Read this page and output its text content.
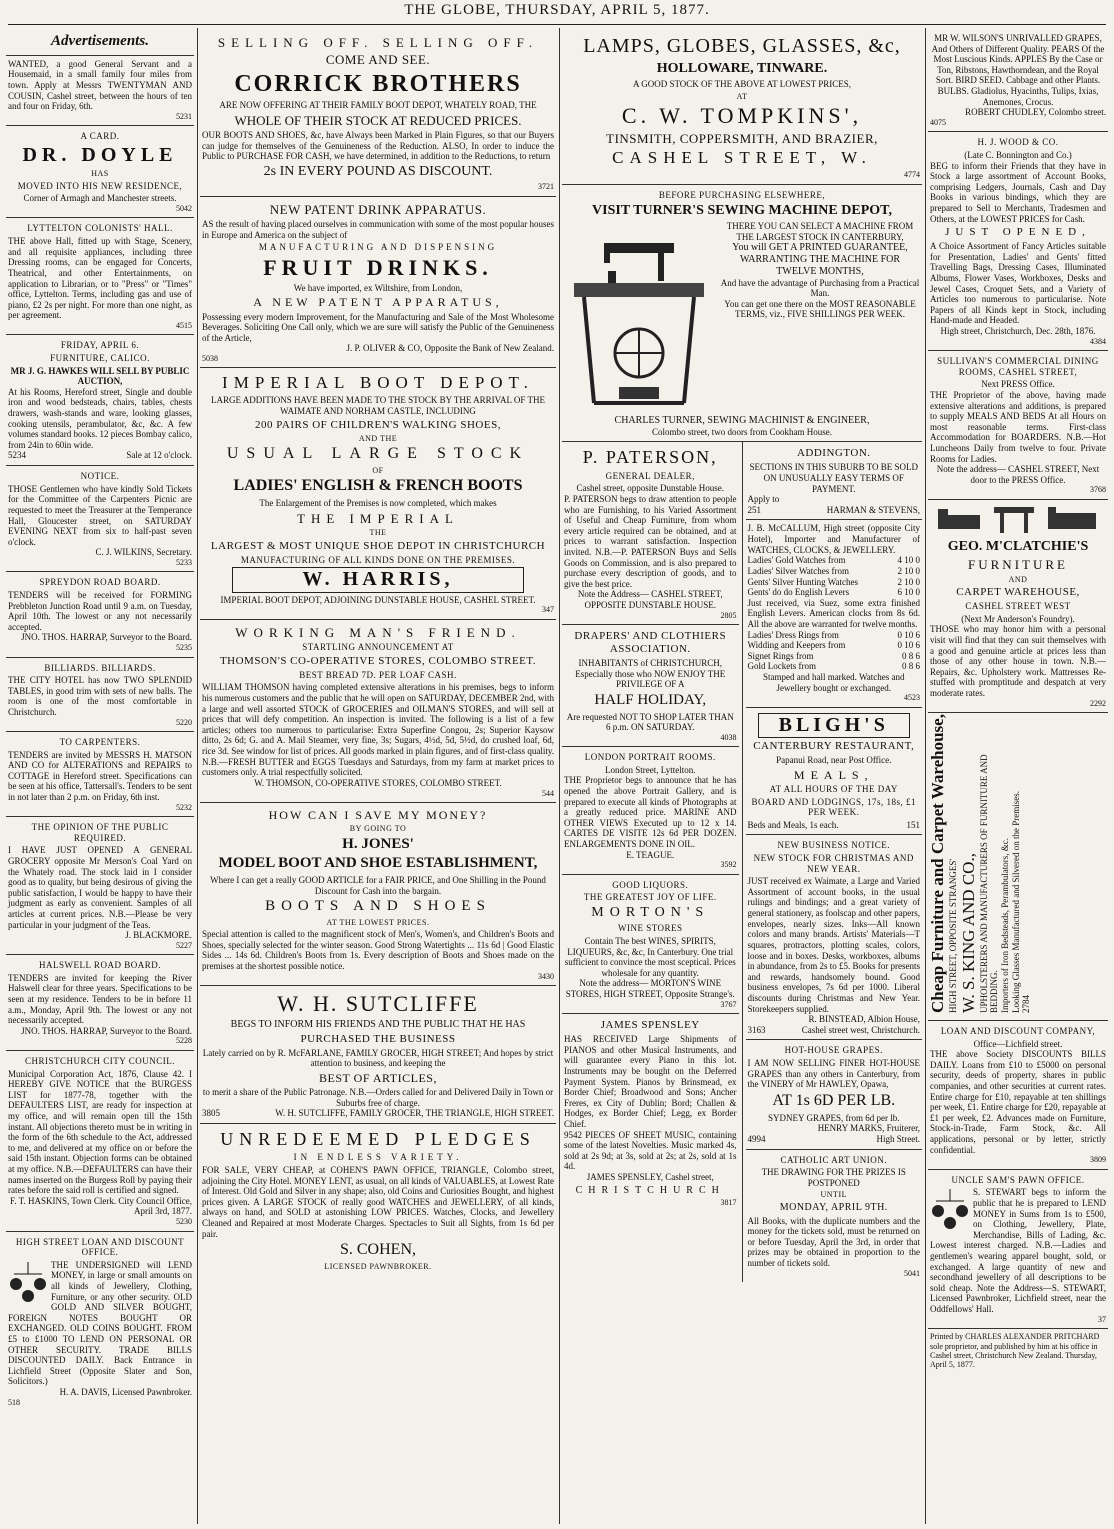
THE GLOBE, THURSDAY, APRIL 5, 1877.
Advertisements.
WANTED, a good General Servant and a Housemaid, in a small family four miles from town. Apply at Messrs TWENTYMAN AND COUSIN, Cashel street, between the hours of ten and four on Friday, 6th.
5231
A CARD.
DR. DOYLE
HAS
MOVED INTO HIS NEW RESIDENCE,
Corner of Armagh and Manchester streets.
5042
LYTTELTON COLONISTS' HALL.
THE above Hall, fitted up with Stage, Scenery, and all requisite appliances, including three Dressing rooms, can be engaged for Concerts, Theatrical, and other Entertainments, on application to Librarian, or to "Press" or "Times" office, Lyttelton. Terms, including gas and use of piano, £2 2s per night. For more than one night, as per agreement.
4515
FRIDAY, APRIL 6.
FURNITURE, CALICO.
MR J. G. HAWKES WILL SELL BY PUBLIC AUCTION,
At his Rooms, Hereford street, Single and double iron and wood bedsteads, chairs, tables, chests drawers, wash-stands and ware, looking glasses, cooking utensils, perambulator, &c, &c. A few volumes standard books. 12 pieces Bombay calico, from 24in to 60in wide.
5234	Sale at 12 o'clock.
NOTICE.
THOSE Gentlemen who have kindly Sold Tickets for the Committee of the Carpenters Picnic are requested to meet the Treasurer at the Temperance Hall, Gloucester street, on SATURDAY EVENING NEXT from six to half-past seven o'clock.
C. J. WILKINS, Secretary.
5233
SPREYDON ROAD BOARD.
TENDERS will be received for FORMING Prebbleton Junction Road until 9 a.m. on Tuesday, April 10th. The lowest or any not necessarily accepted.
JNO. THOS. HARRAP, Surveyor to the Board.
5235
BILLIARDS. BILLIARDS.
THE CITY HOTEL has now TWO SPLENDID TABLES, in good trim with sets of new balls. The room is one of the most comfortable in Christchurch.
5220
TO CARPENTERS.
TENDERS are invited by MESSRS H. MATSON AND CO for ALTERATIONS and REPAIRS to COTTAGE in Hereford street. Specifications can be seen at his office, Tattersall's. Tenders to be sent in not later than 2 p.m. on Friday, 6th inst.
5232
THE OPINION OF THE PUBLIC REQUIRED.
I HAVE JUST OPENED A GENERAL GROCERY opposite Mr Merson's Coal Yard on the Whately road. The stock laid in I consider good as to quality, but being desirous of giving the public satisfaction, I would be happy to have their judgment as early as convenient. Samples of all articles at current prices. N.B.—Please be very particular in your judgment of the Teas.
J. BLACKMORE.
5227
HALSWELL ROAD BOARD.
TENDERS are invited for keeping the River Halswell clear for three years. Specifications to be seen at my residence. Tenders to be in before 11 a.m., Monday, April 9th. The lowest or any not necessarily accepted.
JNO. THOS. HARRAP, Surveyor to the Board.
5228
CHRISTCHURCH CITY COUNCIL.
Municipal Corporation Act, 1876, Clause 42. I HEREBY GIVE NOTICE that the BURGESS LIST for 1877-78, together with the DEFAULTERS LIST, are ready for inspection at my office, and will remain open till the 15th instant. All objections thereto must be in writing in the form of the 6th schedule to the Act, addressed to me, and delivered at my office on or before the said 15th instant. Objection forms can be obtained at my office. N.B.—DEFAULTERS can have their names inserted on the Burgess Roll by paying their rates before the said roll is certified and signed.
F. T. HASKINS, Town Clerk. City Council Office, April 3rd, 1877.
5230
HIGH STREET LOAN AND DISCOUNT OFFICE.
THE UNDERSIGNED will LEND MONEY, in large or small amounts on all kinds of Jewellery, Clothing, Furniture, or any other security. OLD GOLD AND SILVER BOUGHT, FOREIGN NOTES BOUGHT OR EXCHANGED. OLD COINS BOUGHT. FROM £5 to £1000 TO LEND ON PERSONAL OR OTHER SECURITY. TRADE BILLS DISCOUNTED DAILY. Back Entrance in Lichfield Street (Opposite Slater and Son, Solicitors.)
H. A. DAVIS, Licensed Pawnbroker.
518
SELLING OFF. SELLING OFF.
COME AND SEE.
CORRICK BROTHERS
ARE NOW OFFERING AT THEIR FAMILY BOOT DEPOT, WHATELY ROAD, THE
WHOLE OF THEIR STOCK AT REDUCED PRICES.
OUR BOOTS AND SHOES, &c, have Always been Marked in Plain Figures, so that our Buyers can judge for themselves of the Genuineness of the Reduction. ALSO, In order to induce the Public to PURCHASE FOR CASH, we have determined, in addition to the Reductions, to return
2s IN EVERY POUND AS DISCOUNT.
3721
NEW PATENT DRINK APPARATUS.
AS the result of having placed ourselves in communication with some of the most popular houses in Europe and America on the subject of
MANUFACTURING AND DISPENSING
FRUIT DRINKS.
We have imported, ex Wiltshire, from London,
A NEW PATENT APPARATUS,
Possessing every modern Improvement, for the Manufacturing and Sale of the Most Wholesome Beverages. Soliciting One Call only, which we are sure will satisfy the Public of the Genuineness of the Article,
J. P. OLIVER & CO, Opposite the Bank of New Zealand.
5038
IMPERIAL BOOT DEPOT.
LARGE ADDITIONS HAVE BEEN MADE TO THE STOCK BY THE ARRIVAL OF THE WAIMATE AND NORHAM CASTLE, INCLUDING
200 PAIRS OF CHILDREN'S WALKING SHOES,
AND THE
USUAL LARGE STOCK
OF
LADIES' ENGLISH & FRENCH BOOTS
The Enlargement of the Premises is now completed, which makes
THE IMPERIAL
THE
LARGEST & MOST UNIQUE SHOE DEPOT IN CHRISTCHURCH
MANUFACTURING OF ALL KINDS DONE ON THE PREMISES.
W. HARRIS,
IMPERIAL BOOT DEPOT, ADJOINING DUNSTABLE HOUSE, CASHEL STREET.
347
WORKING MAN'S FRIEND.
STARTLING ANNOUNCEMENT AT
THOMSON'S CO-OPERATIVE STORES, COLOMBO STREET.
BEST BREAD 7D. PER LOAF CASH.
WILLIAM THOMSON having completed extensive alterations in his premises, begs to inform his numerous customers and the public that he will open on SATURDAY, DECEMBER 2nd, with a large and well assorted STOCK of GROCERIES and OILMAN'S STORES, and will sell at prices that will defy competition. An inspection is invited. The following is a list of a few articles; others too numerous to particularise: Extra Superfine Congou, 2s; Superior Kaysow ditto, 2s 6d; G. and A. Mail Steamer, very fine, 3s; Sugars, 4½d, 5d, 5½d, do crushed loaf, 6d, rice 3d. See window for list of prices. All goods marked in plain figures, and of first-class quality. N.B.—FRESH BUTTER and EGGS Tuesdays and Saturdays, from my farm at market prices to customers only. A trial respectfully solicited.
W. THOMSON, CO-OPERATIVE STORES, COLOMBO STREET.
544
HOW CAN I SAVE MY MONEY?
BY GOING TO
H. JONES'
MODEL BOOT AND SHOE ESTABLISHMENT,
Where I can get a really GOOD ARTICLE for a FAIR PRICE, and One Shilling in the Pound Discount for Cash into the bargain.
BOOTS AND SHOES
AT THE LOWEST PRICES.
Special attention is called to the magnificent stock of Men's, Women's, and Children's Boots and Shoes, specially selected for the winter season. Good Strong Watertights ... 11s 6d | Good Elastic Sides ... 14s 6d. Children's Boots from 1s. Every description of Boots and Shoes made on the premises at the shortest possible notice.
3430
W. H. SUTCLIFFE
BEGS TO INFORM HIS FRIENDS AND THE PUBLIC THAT HE HAS
PURCHASED THE BUSINESS
Lately carried on by R. McFARLANE, FAMILY GROCER, HIGH STREET; And hopes by strict attention to business, and keeping the
BEST OF ARTICLES,
to merit a share of the Public Patronage. N.B.—Orders called for and Delivered Daily in Town or Suburbs free of charge.
3805	W. H. SUTCLIFFE, FAMILY GROCER, THE TRIANGLE, HIGH STREET.
UNREDEEMED PLEDGES
IN ENDLESS VARIETY.
FOR SALE, VERY CHEAP, at COHEN'S PAWN OFFICE, TRIANGLE, Colombo street, adjoining the City Hotel. MONEY LENT, as usual, on all kinds of VALUABLES, at Lowest Rate of Interest. Old Gold and Silver in any shape; also, old Coins and Curiosities Bought, and highest prices given. A LARGE STOCK of really good WATCHES and JEWELLERY, of all kinds, always on hand, and SOLD at astonishing LOW PRICES. Watches, Clocks, and Jewellery Cleaned and Repaired at most Moderate Charges. Spectacles to Suit all Sights, from 1s 6d per pair.
S. COHEN,
LICENSED PAWNBROKER.
LAMPS, GLOBES, GLASSES, &c,
HOLLOWARE, TINWARE.
A GOOD STOCK OF THE ABOVE AT LOWEST PRICES,
AT
C. W. TOMPKINS',
TINSMITH, COPPERSMITH, AND BRAZIER,
CASHEL STREET, W.
4774
BEFORE PURCHASING ELSEWHERE,
VISIT TURNER'S SEWING MACHINE DEPOT,
THERE YOU CAN SELECT A MACHINE FROM THE LARGEST STOCK IN CANTERBURY,
You will GET A PRINTED GUARANTEE, WARRANTING THE MACHINE FOR TWELVE MONTHS,
And have the advantage of Purchasing from a Practical Man.
You can get one there on the MOST REASONABLE TERMS, viz., FIVE SHILLINGS PER WEEK.
CHARLES TURNER, SEWING MACHINIST & ENGINEER,
Colombo street, two doors from Cookham House.
P. PATERSON,
GENERAL DEALER,
Cashel street, opposite Dunstable House.
P. PATERSON begs to draw attention to people who are Furnishing, to his Varied Assortment of Useful and Cheap Furniture, from whom every article required can be obtained, and at prices to warrant satisfaction. Inspection invited. N.B.—P. PATERSON Buys and Sells Goods on Commission, and is also prepared to purchase every description of goods, and to give the best price.
Note the Address— CASHEL STREET, OPPOSITE DUNSTABLE HOUSE.
2805
DRAPERS' AND CLOTHIERS ASSOCIATION.
INHABITANTS of CHRISTCHURCH, Especially those who NOW ENJOY THE PRIVILEGE OF A
HALF HOLIDAY,
Are requested NOT TO SHOP LATER THAN 6 p.m. ON SATURDAY.
4038
LONDON PORTRAIT ROOMS.
London Street, Lyttelton.
THE Proprietor begs to announce that he has opened the above Portrait Gallery, and is prepared to execute all kinds of Photographs at a greatly reduced price. MARINE AND OTHER VIEWS Executed up to 12 x 14. CARTES DE VISITE 12s 6d PER DOZEN. ENLARGEMENTS DONE IN OIL.
E. TEAGUE.
3592
GOOD LIQUORS.
THE GREATEST JOY OF LIFE.
MORTON'S
WINE STORES
Contain The best WINES, SPIRITS, LIQUEURS, &c, &c, In Canterbury. One trial sufficient to convince the most sceptical. Prices wholesale for any quantity.
Note the address— MORTON'S WINE STORES, HIGH STREET, Opposite Strange's.
3767
JAMES SPENSLEY
HAS RECEIVED Large Shipments of PIANOS and other Musical Instruments, and will guarantee every Piano in this lot. Instruments may be bought on the Deferred Payment System. Pianos by Brinsmead, ex Border Chief; Broadwood and Sons; Ancher Freres, ex City of Dublin; Bord; Challen & Hodges, ex Border Chief; Legg, ex Border Chief.
9542 PIECES OF SHEET MUSIC, containing some of the latest Novelties. Music marked 4s, sold at 2s 9d; at 3s, sold at 2s; at 2s, sold at 1s 4d.
JAMES SPENSLEY, Cashel street,
CHRISTCHURCH
3817
ADDINGTON.
SECTIONS IN THIS SUBURB TO BE SOLD ON UNUSUALLY EASY TERMS OF PAYMENT.
Apply to
251	HARMAN & STEVENS,
J. B. McCALLUM, High street (opposite City Hotel), Importer and Manufacturer of WATCHES, CLOCKS, & JEWELLERY.
Ladies' Gold Watches from	4 10 0
Ladies' Silver Watches from	2 10 0
Gents' Silver Hunting Watches	2 10 0
Gents' do do English Levers	6 10 0
Just received, via Suez, some extra finished English Levers. American clocks from 8s 6d. All the above are warranted for twelve months.
Ladies' Dress Rings from	0 10 6
Widding and Keepers from	0 10 6
Signet Rings from	0 8 6
Gold Lockets from	0 8 6
Stamped and hall marked. Watches and Jewellery bought or exchanged.
4523
BLIGH'S
CANTERBURY RESTAURANT,
Papanui Road, near Post Office.
MEALS,
AT ALL HOURS OF THE DAY
BOARD AND LODGINGS, 17s, 18s, £1 PER WEEK.
Beds and Meals, 1s each.	151
NEW BUSINESS NOTICE.
NEW STOCK FOR CHRISTMAS AND NEW YEAR.
JUST received ex Waimate, a Large and Varied Assortment of account books, in the usual rulings and bindings; and a great variety of general stationery, as foolscap and other papers, envelopes, nearly sizes. Inks—All known colors and many brands. Artists' Materials—T squares, protractors, plotting scales, colors, loose and in boxes. Desks, workboxes, albums in abundance, from 2s to £5. Books for presents and rewards, handsomely bound. Good business envelopes, 7s 6d per 1000. Liberal discounts during Christmas and New Year. Storekeepers supplied.
R. BINSTEAD, Albion House,
3163	Cashel street west, Christchurch.
HOT-HOUSE GRAPES.
I AM NOW SELLING FINER HOT-HOUSE GRAPES than any others in Canterbury, from the VINERY of Mr HAWLEY, Opawa,
AT 1s 6D PER LB.
SYDNEY GRAPES, from 6d per lb.
HENRY MARKS, Fruiterer,
4994	High Street.
CATHOLIC ART UNION.
THE DRAWING FOR THE PRIZES IS POSTPONED
UNTIL
MONDAY, APRIL 9TH.
All Books, with the duplicate numbers and the money for the tickets sold, must be returned on or before Tuesday, April the 3rd, in order that prizes may be obtained in proportion to the number of tickets sold.
5041
MR W. WILSON'S UNRIVALLED GRAPES, And Others of Different Quality. PEARS Of the Most Luscious Kinds. APPLES By the Case or Ton, Ribstons, Hawthorndean, and the Royal Sort. BIRD SEED. Cabbage and other Plants. BULBS. Gladiolus, Hyacinths, Tulips, Ixias, Anemones, Crocus.
ROBERT CHUDLEY, Colombo street.
4075
H. J. WOOD & CO.
(Late C. Bonnington and Co.)
BEG to inform their Friends that they have in Stock a large assortment of Account Books, comprising Ledgers, Journals, Cash and Day Books in various bindings, which they are prepared to Sell to Merchants, Tradesmen and Others, at the LOWEST PRICES for Cash.
JUST OPENED,
A Choice Assortment of Fancy Articles suitable for Presentation, Ladies' and Gents' fitted Travelling Bags, Dressing Cases, Illuminated Albums, Flower Vases, Workboxes, Desks and Jewel Cases, Croquet Sets, and a Variety of Articles too numerous to particularise. Note Papers of all Kinds kept in Stock, including Hand-made and Headed.
High street, Christchurch, Dec. 28th, 1876.
4384
SULLIVAN'S COMMERCIAL DINING ROOMS, CASHEL STREET,
Next PRESS Office.
THE Proprietor of the above, having made extensive alterations and additions, is prepared to supply MEALS AND BEDS At all Hours on most reasonable terms. First-class Accommodation for BOARDERS. N.B.—Hot Luncheons Daily from twelve to four. Private Rooms for Ladies.
Note the address— CASHEL STREET, Next door to the PRESS Office.
3768
GEO. M'CLATCHIE'S
FURNITURE
AND
CARPET WAREHOUSE,
CASHEL STREET WEST
(Next Mr Anderson's Foundry).
THOSE who may honor him with a personal visit will find that they can suit themselves with a good and genuine article at prices less than those of any other house in town. N.B.—Repairs, &c. Upholstery work. Mattresses Re-stuffed with promptitude and despatch at very moderate rates.
2292
Cheap Furniture and Carpet Warehouse, HIGH STREET, OPPOSITE STRANGES' W. S. KING AND CO., UPHOLSTERERS AND MANUFACTURERS OF FURNITURE AND BEDDING. Importers of Iron Bedsteads, Perambulators, &c. Looking Glasses Manufactured and Silvered on the Premises. 2784
LOAN AND DISCOUNT COMPANY,
Office—Lichfield street.
THE above Society DISCOUNTS BILLS DAILY. Loans from £10 to £5000 on personal security, deeds of property, shares in public companies, and other securities at current rates. Entire charge for £10, repayable at ten shillings per week, £1. Entire charge for £20, repayable at £1 per week, £2. Advances made on Furniture, Stock-in-Trade, Farm Stock, &c. All applications, personal or by letter, strictly confidential.
3809
UNCLE SAM'S PAWN OFFICE.
S. STEWART begs to inform the public that he is prepared to LEND MONEY in Sums from 1s to £500, on Clothing, Jewellery, Plate, Merchandise, Bills of Lading, &c. Lowest interest charged. N.B.—Ladies and gentlemen's wearing apparel bought, sold, or exchanged. A large quantity of new and secondhand jewellery of all descriptions to be sold cheap. Note the Address—S. STEWART, Licensed Pawnbroker, Lichfield street, near the Oddfellows' Hall.
37
Printed by CHARLES ALEXANDER PRITCHARD sole proprietor, and published by him at his office in Cashel street, Christchurch New Zealand. Thursday, April 5, 1877.
